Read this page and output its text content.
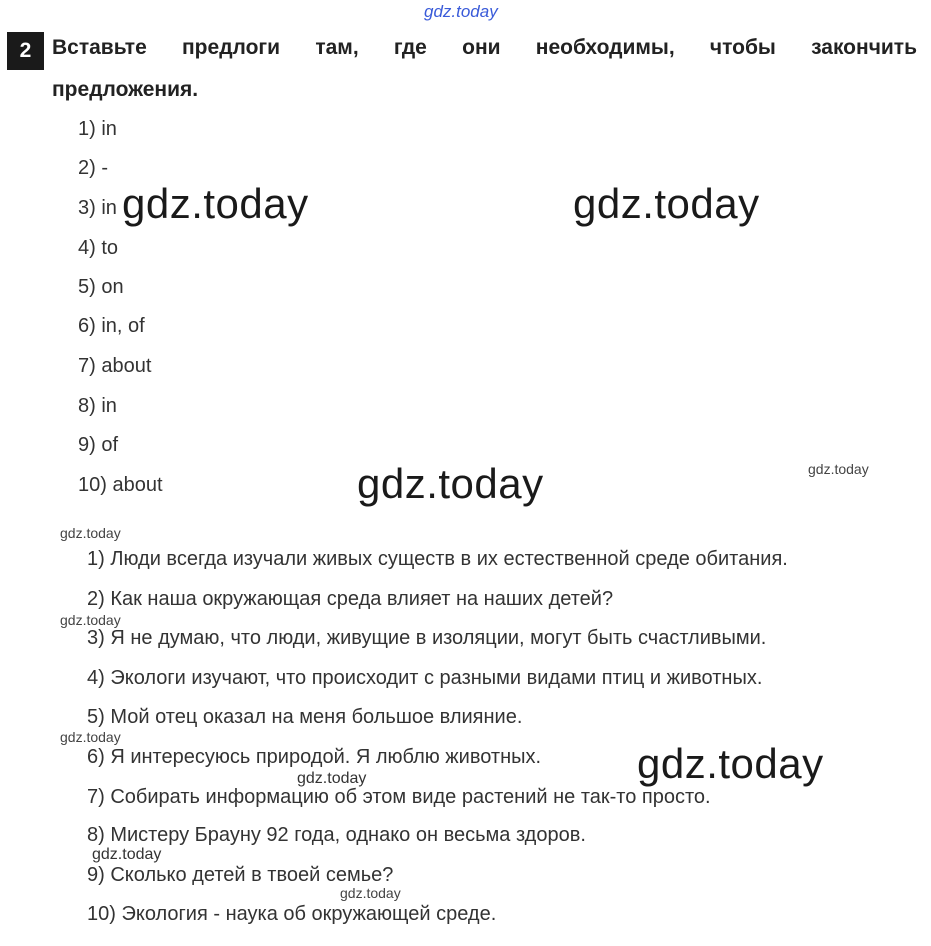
gdz.today
2 Вставьте предлоги там, где они необходимы, чтобы закончить
предложения.
1) in
2) -
3) in
4) to
5) on
6) in, of
7) about
8) in
9) of
10) about
1) Люди всегда изучали живых существ в их естественной среде обитания.
2) Как наша окружающая среда влияет на наших детей?
3) Я не думаю, что люди, живущие в изоляции, могут быть счастливыми.
4) Экологи изучают, что происходит с разными видами птиц и животных.
5) Мой отец оказал на меня большое влияние.
6) Я интересуюсь природой. Я люблю животных.
7) Собирать информацию об этом виде растений не так-то просто.
8) Мистеру Брауну 92 года, однако он весьма здоров.
9) Сколько детей в твоей семье?
10) Экология - наука об окружающей среде.
gdz.today	gdz.today
gdz.today
gdz.today
gdz.today
gdz.today
gdz.today
gdz.today
gdz.today
gdz.today
gdz.today
